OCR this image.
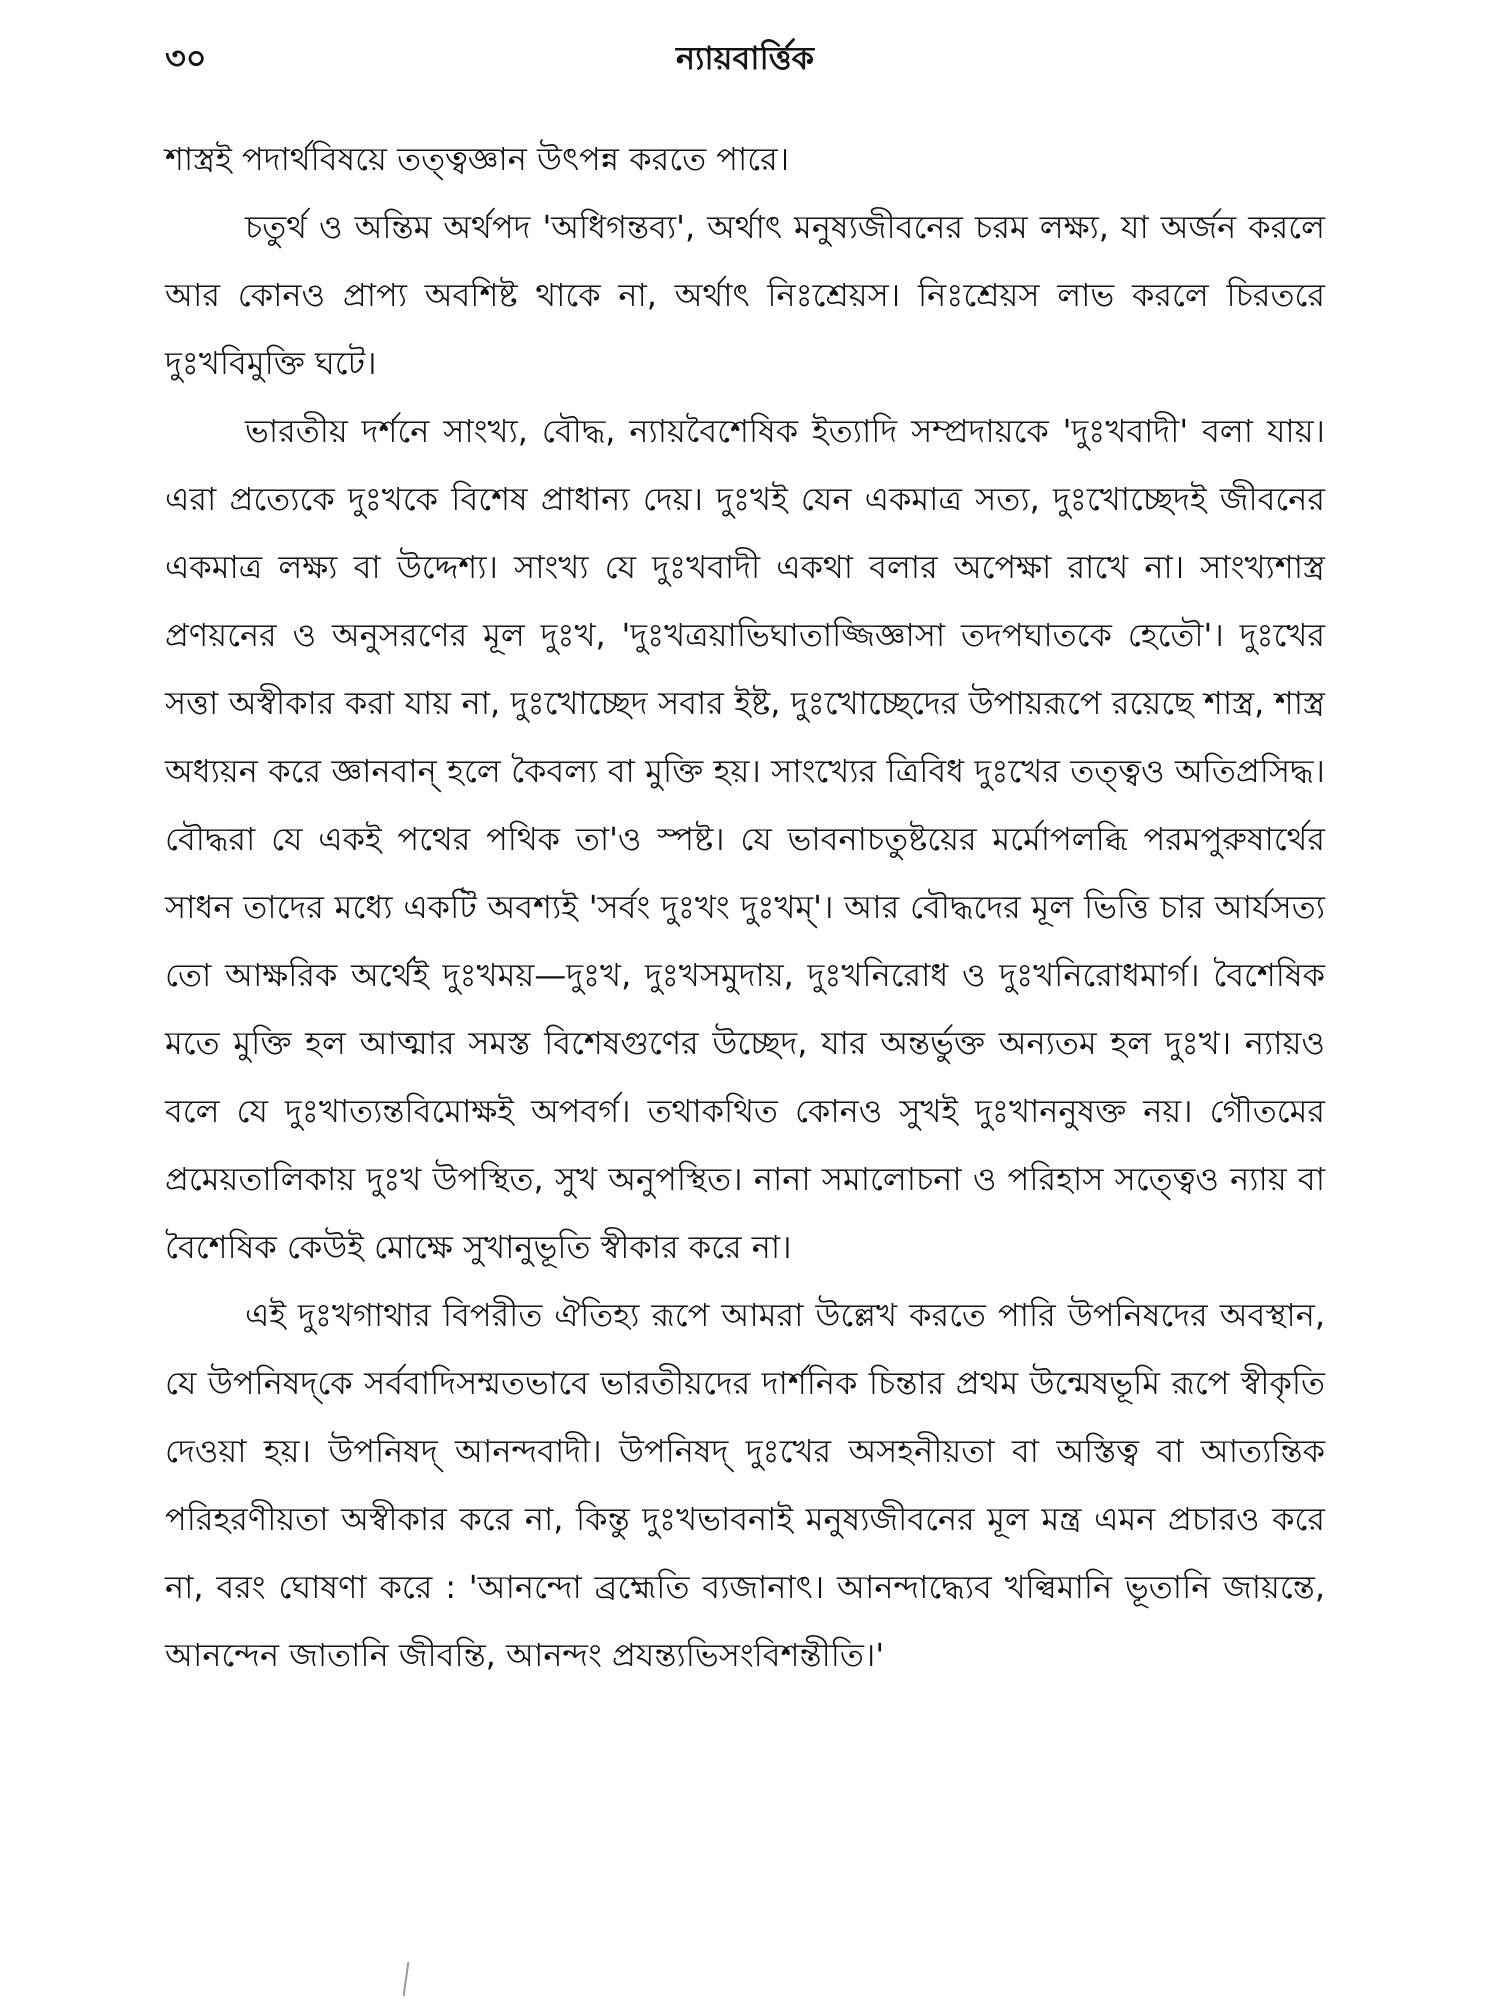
৩০	ন্যায়বার্ত্তিক

শাস্ত্রই পদার্থবিষয়ে তত্ত্বজ্ঞান উৎপন্ন করতে পারে।

চতুর্থ ও অন্তিম অর্থপদ 'অধিগন্তব্য', অর্থাৎ মনুষ্যজীবনের চরম লক্ষ্য, যা অর্জন করলে আর কোনও প্রাপ্য অবশিষ্ট থাকে না, অর্থাৎ নিঃশ্রেয়স। নিঃশ্রেয়স লাভ করলে চিরতরে দুঃখবিমুক্তি ঘটে।

ভারতীয় দর্শনে সাংখ্য, বৌদ্ধ, ন্যায়বৈশেষিক ইত্যাদি সম্প্রদায়কে 'দুঃখবাদী' বলা যায়। এরা প্রত্যেকে দুঃখকে বিশেষ প্রাধান্য দেয়। দুঃখই যেন একমাত্র সত্য, দুঃখোচ্ছেদই জীবনের একমাত্র লক্ষ্য বা উদ্দেশ্য। সাংখ্য যে দুঃখবাদী একথা বলার অপেক্ষা রাখে না। সাংখ্যশাস্ত্র প্রণয়নের ও অনুসরণের মূল দুঃখ, 'দুঃখত্রয়াভিঘাতাজ্জিজ্ঞাসা তদপঘাতকে হেতৌ'। দুঃখের সত্তা অস্বীকার করা যায় না, দুঃখোচ্ছেদ সবার ইষ্ট, দুঃখোচ্ছেদের উপায়রূপে রয়েছে শাস্ত্র, শাস্ত্র অধ্যয়ন করে জ্ঞানবান্ হলে কৈবল্য বা মুক্তি হয়। সাংখ্যের ত্রিবিধ দুঃখের তত্ত্বও অতিপ্রসিদ্ধ। বৌদ্ধরা যে একই পথের পথিক তা'ও স্পষ্ট। যে ভাবনাচতুষ্টয়ের মর্মোপলব্ধি পরমপুরুষার্থের সাধন তাদের মধ্যে একটি অবশ্যই 'সর্বং দুঃখং দুঃখম্'। আর বৌদ্ধদের মূল ভিত্তি চার আর্যসত্য তো আক্ষরিক অর্থেই দুঃখময়—দুঃখ, দুঃখসমুদায়, দুঃখনিরোধ ও দুঃখনিরোধমার্গ। বৈশেষিক মতে মুক্তি হল আত্মার সমস্ত বিশেষগুণের উচ্ছেদ, যার অন্তর্ভুক্ত অন্যতম হল দুঃখ। ন্যায়ও বলে যে দুঃখাত্যন্তবিমোক্ষই অপবর্গ। তথাকথিত কোনও সুখই দুঃখাননুষক্ত নয়। গৌতমের প্রমেয়তালিকায় দুঃখ উপস্থিত, সুখ অনুপস্থিত। নানা সমালোচনা ও পরিহাস সত্ত্বেও ন্যায় বা বৈশেষিক কেউই মোক্ষে সুখানুভূতি স্বীকার করে না।

এই দুঃখগাথার বিপরীত ঐতিহ্য রূপে আমরা উল্লেখ করতে পারি উপনিষদের অবস্থান, যে উপনিষদ্‌কে সর্ববাদিসম্মতভাবে ভারতীয়দের দার্শনিক চিন্তার প্রথম উন্মেষভূমি রূপে স্বীকৃতি দেওয়া হয়। উপনিষদ্ আনন্দবাদী। উপনিষদ্ দুঃখের অসহনীয়তা বা অস্তিত্ব বা আত্যন্তিক পরিহরণীয়তা অস্বীকার করে না, কিন্তু দুঃখভাবনাই মনুষ্যজীবনের মূল মন্ত্র এমন প্রচারও করে না, বরং ঘোষণা করে : 'আনন্দো ব্রহ্মেতি ব্যজানাৎ। আনন্দাদ্ধ্যেব খল্বিমানি ভূতানি জায়ন্তে, আনন্দেন জাতানি জীবন্তি, আনন্দং প্রযন্ত্যভিসংবিশন্তীতি।'
